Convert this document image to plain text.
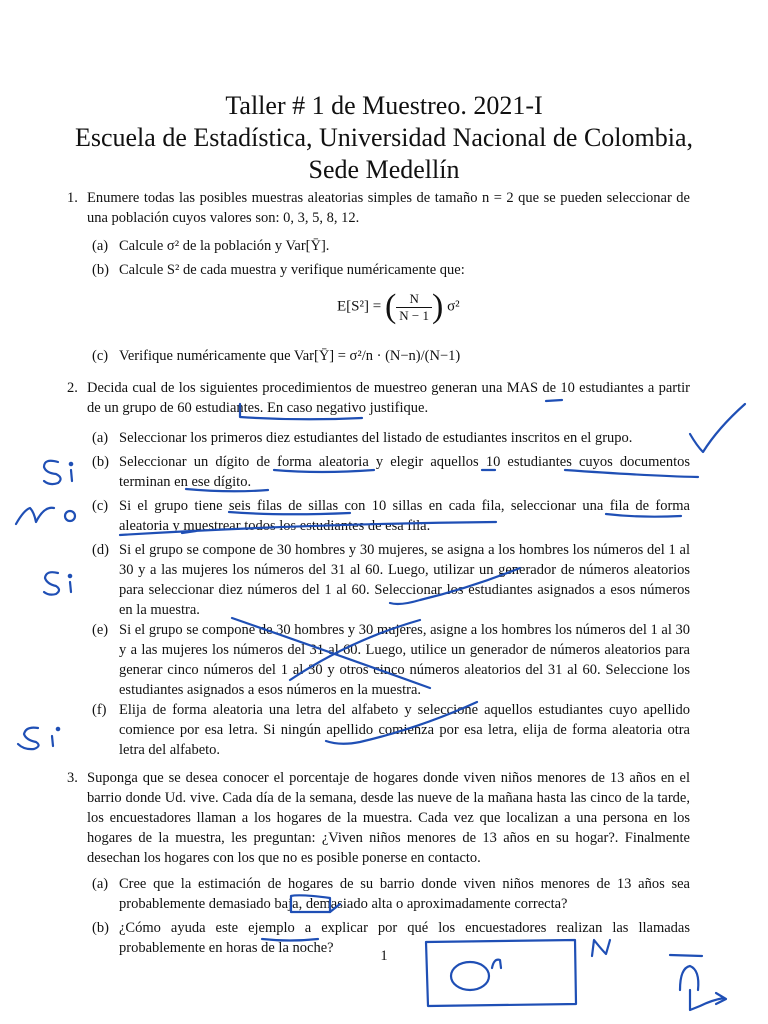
Taller # 1 de Muestreo. 2021-I
Escuela de Estadística, Universidad Nacional de Colombia,
Sede Medellín
1. Enumere todas las posibles muestras aleatorias simples de tamaño n = 2 que se pueden seleccionar de una población cuyos valores son: 0, 3, 5, 8, 12.
(a) Calcule σ² de la población y Var[Ȳ].
(b) Calcule S² de cada muestra y verifique numéricamente que:
E[S²] = ( $\frac{N}{N - 1}$ ) σ²
(c) Verifique numéricamente que Var[Ȳ] = σ²/n · (N−n)/(N−1)
2. Decida cual de los siguientes procedimientos de muestreo generan una MAS de 10 estudiantes a partir de un grupo de 60 estudiantes. En caso negativo justifique.
(a) Seleccionar los primeros diez estudiantes del listado de estudiantes inscritos en el grupo.
(b) Seleccionar un dígito de forma aleatoria y elegir aquellos 10 estudiantes cuyos documentos terminan en ese dígito.
(c) Si el grupo tiene seis filas de sillas con 10 sillas en cada fila, seleccionar una fila de forma aleatoria y muestrear todos los estudiantes de esa fila.
(d) Si el grupo se compone de 30 hombres y 30 mujeres, se asigna a los hombres los números del 1 al 30 y a las mujeres los números del 31 al 60. Luego, utilizar un generador de números aleatorios para seleccionar diez números del 1 al 60. Seleccionar los estudiantes asignados a esos números en la muestra.
(e) Si el grupo se compone de 30 hombres y 30 mujeres, asigne a los hombres los números del 1 al 30 y a las mujeres los números del 31 al 60. Luego, utilice un generador de números aleatorios para generar cinco números del 1 al 30 y otros cinco números aleatorios del 31 al 60. Seleccione los estudiantes asignados a esos números en la muestra.
(f) Elija de forma aleatoria una letra del alfabeto y seleccione aquellos estudiantes cuyo apellido comience por esa letra. Si ningún apellido comienza por esa letra, elija de forma aleatoria otra letra del alfabeto.
3. Suponga que se desea conocer el porcentaje de hogares donde viven niños menores de 13 años en el barrio donde Ud. vive. Cada día de la semana, desde las nueve de la mañana hasta las cinco de la tarde, los encuestadores llaman a los hogares de la muestra. Cada vez que localizan a una persona en los hogares de la muestra, les preguntan: ¿Viven niños menores de 13 años en su hogar?. Finalmente desechan los hogares con los que no es posible ponerse en contacto.
(a) Cree que la estimación de hogares de su barrio donde viven niños menores de 13 años sea probablemente demasiado baja, demasiado alta o aproximadamente correcta?
(b) ¿Cómo ayuda este ejemplo a explicar por qué los encuestadores realizan las llamadas probablemente en horas de la noche?	1
